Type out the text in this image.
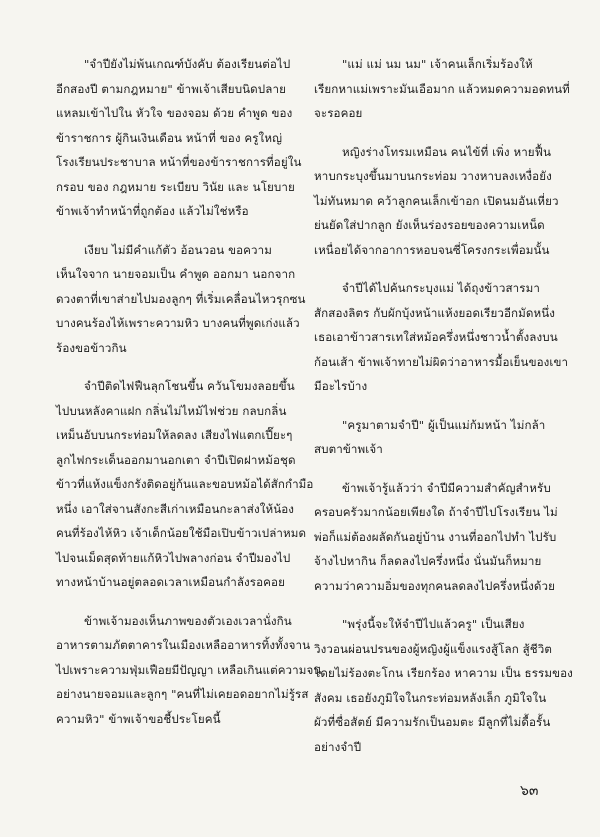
"จำปียังไม่พ้นเกณฑ์บังคับ ต้องเรียนต่อไป
อีกสองปี ตามกฎหมาย" ข้าพเจ้าเสียบนิดปลาย
แหลมเข้าไปใน หัวใจ ของจอม ด้วย คำพูด ของ
ข้าราชการ ผู้กินเงินเดือน หน้าที่ ของ ครูใหญ่
โรงเรียนประชาบาล หน้าที่ของข้าราชการที่อยู่ใน
กรอบ ของ กฎหมาย ระเบียบ วินัย และ นโยบาย
ข้าพเจ้าทำหน้าที่ถูกต้อง แล้วไม่ใช่หรือ
เงียบ ไม่มีคำแก้ตัว อ้อนวอน ขอความ
เห็นใจจาก นายจอมเป็น คำพูด ออกมา นอกจาก
ดวงตาที่เขาส่ายไปมองลูกๆ ที่เริ่มเคลื่อนไหวรุกซน
บางคนร้องไห้เพราะความหิว บางคนที่พูดเก่งแล้ว
ร้องขอข้าวกิน
จำปีติดไฟฟืนลุกโชนขึ้น ควันโขมงลอยขึ้น
ไปบนหลังคาแฝก กลิ่นไม่ไหม้ไฟช่วย กลบกลิ่น
เหม็นอับบนกระท่อมให้ลดลง เสียงไฟแตกเปี๊ยะๆ
ลูกไฟกระเด็นออกมานอกเตา จำปีเปิดฝาหม้อชุด
ข้าวที่แห้งแข็งกรังติดอยู่ก้นและขอบหม้อได้สักกำมือ
หนึ่ง เอาใส่จานสังกะสีเก่าเหมือนกะลาส่งให้น้อง
คนที่ร้องไห้หิว เจ้าเด็กน้อยใช้มือเปิบข้าวเปล่าหมด
ไปจนเม็ดสุดท้ายแก้หิวไปพลางก่อน จำปีมองไป
ทางหน้าบ้านอยู่ตลอดเวลาเหมือนกำลังรอคอย
ข้าพเจ้ามองเห็นภาพของตัวเองเวลานั่งกิน
อาหารตามภัตตาคารในเมืองเหลืออาหารทิ้งทั้งจาน
ไปเพราะความฟุ่มเฟือยมีปัญญา เหลือเกินแต่ความจน
อย่างนายจอมและลูกๆ "คนที่ไม่เคยอดอยากไม่รู้รส
ความหิว" ข้าพเจ้าขอชี้ประโยคนี้
"แม่ แม่ นม นม" เจ้าคนเล็กเริ่มร้องให้
เรียกหาแม่เพราะมันเอือมาก แล้วหมดความอดทนที่
จะรอคอย
หญิงร่างโทรมเหมือน คนไข้ที่ เพิ่ง หายฟื้น
หาบกระบุงขึ้นมาบนกระท่อม วางหาบลงเหงื่อยัง
ไม่ทันหมาด คว้าลูกคนเล็กเข้าอก เปิดนมอันเหี่ยว
ย่นยัดใส่ปากลูก ยังเห็นร่องรอยของความเหน็ด
เหนื่อยได้จากอาการหอบจนซี่โครงกระเพื่อมนั้น
จำปีได้ไปค้นกระบุงแม่ ได้ถุงข้าวสารมา
สักสองลิตร กับผักบุ้งหน้าแห้งยอดเรียวอีกมัดหนึ่ง
เธอเอาข้าวสารเทใส่หม้อครึ่งหนึ่งชาวน้ำตั้งลงบน
ก้อนเส้า ข้าพเจ้าทายไม่ผิดว่าอาหารมื้อเย็นของเขา
มีอะไรบ้าง
"ครูมาตามจำปี" ผู้เป็นแม่ก้มหน้า ไม่กล้า
สบตาข้าพเจ้า
ข้าพเจ้ารู้แล้วว่า จำปีมีความสำคัญสำหรับ
ครอบครัวมากน้อยเพียงใด ถ้าจำปีไปโรงเรียน ไม่
พ่อก็แม่ต้องผลัดกันอยู่บ้าน งานที่ออกไปทำ ไปรับ
จ้างไปหากิน ก็ลดลงไปครึ่งหนึ่ง นั่นมันก็หมาย
ความว่าความอิ่มของทุกคนลดลงไปครึ่งหนึ่งด้วย
"พรุ่งนี้จะให้จำปีไปแล้วครู" เป็นเสียง
วิงวอนผ่อนปรนของผู้หญิงผู้แข็งแรงสู้โลก สู้ชีวิต
โดยไม่ร้องตะโกน เรียกร้อง หาความ เป็น ธรรมของ
สังคม เธอยังภูมิใจในกระท่อมหลังเล็ก ภูมิใจใน
ผัวที่ซื่อสัตย์ มีความรักเป็นอมตะ มีลูกที่ไม่ดื้อรั้น
อย่างจำปี
๖๓
